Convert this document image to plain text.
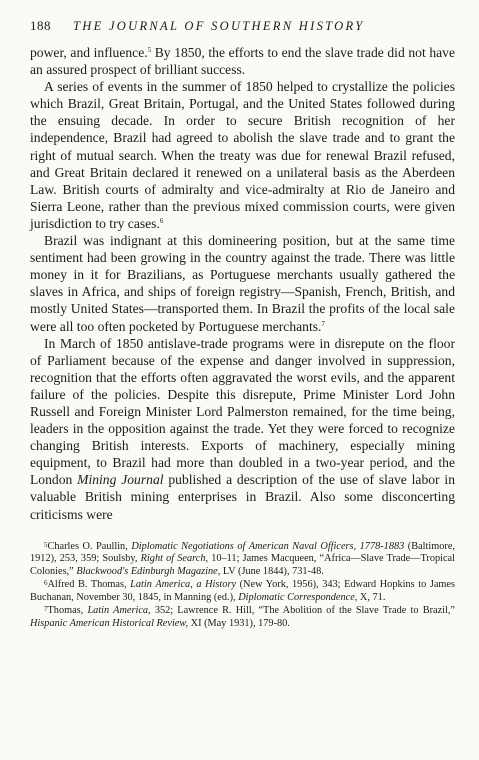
188 THE JOURNAL OF SOUTHERN HISTORY

power, and influence.$^5$ By 1850, the efforts to end the slave trade did not have an assured prospect of brilliant success.

A series of events in the summer of 1850 helped to crystallize the policies which Brazil, Great Britain, Portugal, and the United States followed during the ensuing decade. In order to secure British recognition of her independence, Brazil had agreed to abolish the slave trade and to grant the right of mutual search. When the treaty was due for renewal Brazil refused, and Great Britain declared it renewed on a unilateral basis as the Aberdeen Law. British courts of admiralty and vice-admiralty at Rio de Janeiro and Sierra Leone, rather than the previous mixed commission courts, were given jurisdiction to try cases.$^6$

Brazil was indignant at this domineering position, but at the same time sentiment had been growing in the country against the trade. There was little money in it for Brazilians, as Portuguese merchants usually gathered the slaves in Africa, and ships of foreign registry—Spanish, French, British, and mostly United States—transported them. In Brazil the profits of the local sale were all too often pocketed by Portuguese merchants.$^7$

In March of 1850 antislave-trade programs were in disrepute on the floor of Parliament because of the expense and danger involved in suppression, recognition that the efforts often aggravated the worst evils, and the apparent failure of the policies. Despite this disrepute, Prime Minister Lord John Russell and Foreign Minister Lord Palmerston remained, for the time being, leaders in the opposition against the trade. Yet they were forced to recognize changing British interests. Exports of machinery, especially mining equipment, to Brazil had more than doubled in a two-year period, and the London Mining Journal published a description of the use of slave labor in valuable British mining enterprises in Brazil. Also some disconcerting criticisms were

$^5$Charles O. Paullin, Diplomatic Negotiations of American Naval Officers, 1778-1883 (Baltimore, 1912), 253, 359; Soulsby, Right of Search, 10–11; James Macqueen, “Africa—Slave Trade—Tropical Colonies,” Blackwood's Edinburgh Magazine, LV (June 1844), 731-48.

$^6$Alfred B. Thomas, Latin America, a History (New York, 1956), 343; Edward Hopkins to James Buchanan, November 30, 1845, in Manning (ed.), Diplomatic Correspondence, X, 71.

$^7$Thomas, Latin America, 352; Lawrence R. Hill, “The Abolition of the Slave Trade to Brazil,” Hispanic American Historical Review, XI (May 1931), 179-80.
